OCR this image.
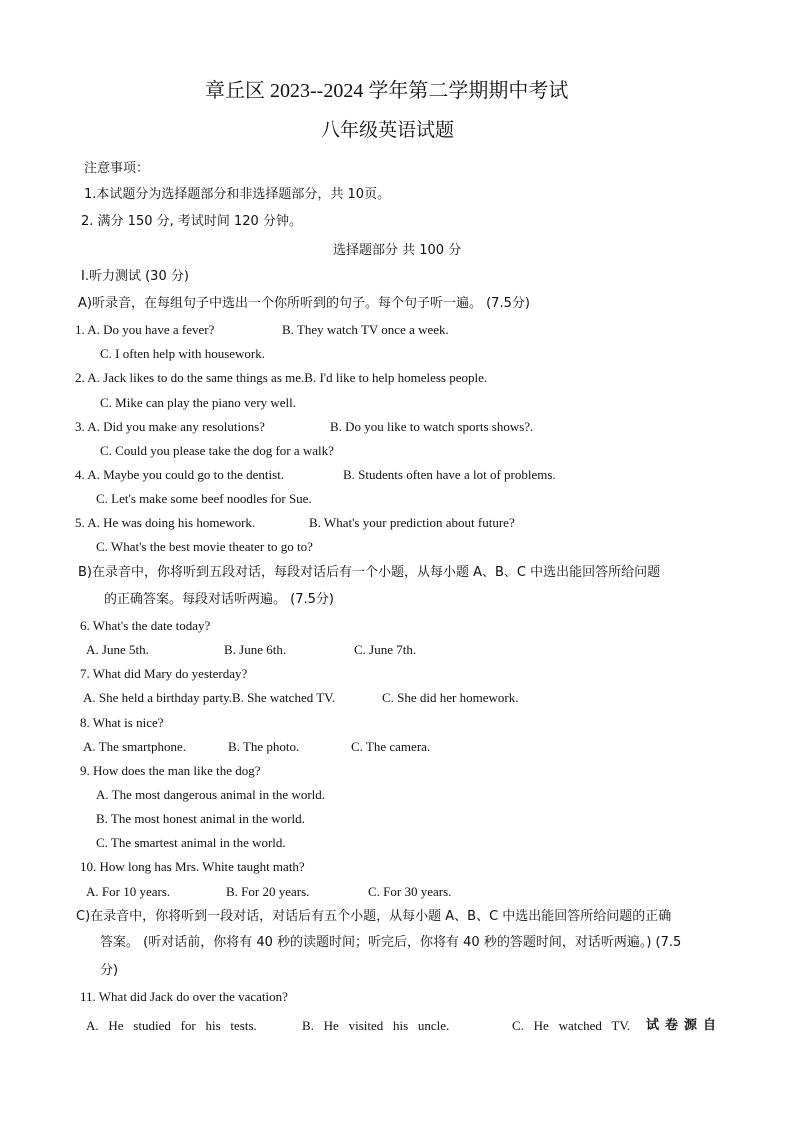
章丘区 2023--2024 学年第二学期期中考试
八年级英语试题
注意事项：
1.本试题分为选择题部分和非选择题部分，共 10页。
2. 满分 150 分, 考试时间 120 分钟。
选择题部分 共 100 分
I.听力测试 (30 分)
A)听录音，在每组句子中选出一个你所听到的句子。每个句子听一遍。 (7.5分)
1. A. Do you have a fever?	B. They watch TV once a week.
C. I often help with housework.
2. A. Jack likes to do the same things as me.B. I'd like to help homeless people.
C. Mike can play the piano very well.
3. A. Did you make any resolutions?	B. Do you like to watch sports shows?.
C. Could you please take the dog for a walk?
4. A. Maybe you could go to the dentist.	B. Students often have a lot of problems.
C. Let's make some beef noodles for Sue.
5. A. He was doing his homework.	B. What's your prediction about future?
C. What's the best movie theater to go to?
B)在录音中，你将听到五段对话，每段对话后有一个小题，从每小题 A、B、C 中选出能回答所给问题
的正确答案。每段对话听两遍。 (7.5分)
6. What's the date today?
A. June 5th.	B. June 6th.	C. June 7th.
7. What did Mary do yesterday?
A. She held a birthday party.B. She watched TV.	C. She did her homework.
8. What is nice?
A. The smartphone.	B. The photo.	C. The camera.
9. How does the man like the dog?
A. The most dangerous animal in the world.
B. The most honest animal in the world.
C. The smartest animal in the world.
10. How long has Mrs. White taught math?
A. For 10 years.	B. For 20 years.	C. For 30 years.
C)在录音中，你将听到一段对话，对话后有五个小题，从每小题 A、B、C 中选出能回答所给问题的正确
答案。 (听对话前，你将有 40 秒的读题时间；听完后，你将有 40 秒的答题时间，对话听两遍。) (7.5
分)
11. What did Jack do over the vacation?
A.   He   studied   for   his   tests.	B.   He   visited   his   uncle.	C.   He   watched   TV. 试卷源自
